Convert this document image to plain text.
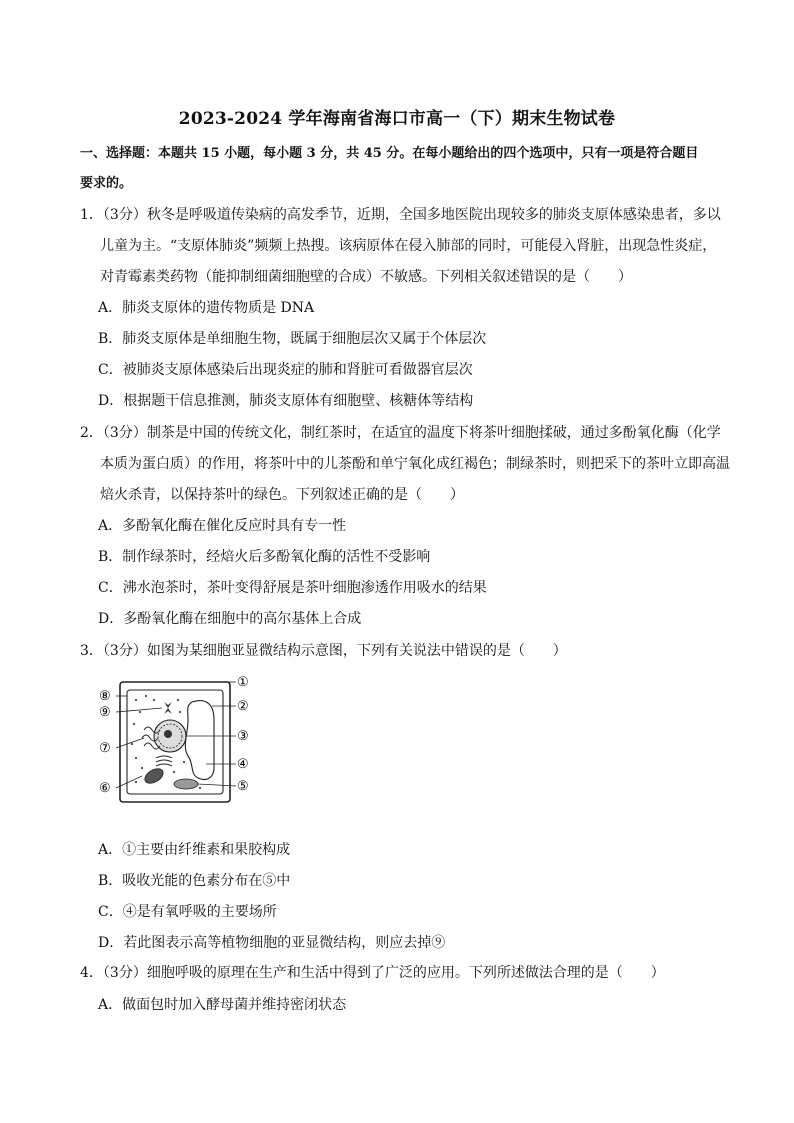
2023-2024 学年海南省海口市高一（下）期末生物试卷
一、选择题：本题共 15 小题，每小题 3 分，共 45 分。在每小题给出的四个选项中，只有一项是符合题目
要求的。
1．（3分）秋冬是呼吸道传染病的高发季节，近期，全国多地医院出现较多的肺炎支原体感染患者，多以
儿童为主。“支原体肺炎”频频上热搜。该病原体在侵入肺部的同时，可能侵入肾脏，出现急性炎症，
对青霉素类药物（能抑制细菌细胞壁的合成）不敏感。下列相关叙述错误的是（　　）
A．肺炎支原体的遗传物质是 DNA
B．肺炎支原体是单细胞生物，既属于细胞层次又属于个体层次
C．被肺炎支原体感染后出现炎症的肺和肾脏可看做器官层次
D．根据题干信息推测，肺炎支原体有细胞壁、核糖体等结构
2．（3分）制茶是中国的传统文化，制红茶时，在适宜的温度下将茶叶细胞揉破，通过多酚氧化酶（化学
本质为蛋白质）的作用，将茶叶中的儿茶酚和单宁氧化成红褐色；制绿茶时，则把采下的茶叶立即高温
焙火杀青，以保持茶叶的绿色。下列叙述正确的是（　　）
A．多酚氧化酶在催化反应时具有专一性
B．制作绿茶时，经焙火后多酚氧化酶的活性不受影响
C．沸水泡茶时，茶叶变得舒展是茶叶细胞渗透作用吸水的结果
D．多酚氧化酶在细胞中的高尔基体上合成
3．（3分）如图为某细胞亚显微结构示意图，下列有关说法中错误的是（　　）
①
②
③
④
⑤
⑥
⑦
⑧
⑨
A．①主要由纤维素和果胶构成
B．吸收光能的色素分布在⑤中
C．④是有氧呼吸的主要场所
D．若此图表示高等植物细胞的亚显微结构，则应去掉⑨
4．（3分）细胞呼吸的原理在生产和生活中得到了广泛的应用。下列所述做法合理的是（　　）
A．做面包时加入酵母菌并维持密闭状态
